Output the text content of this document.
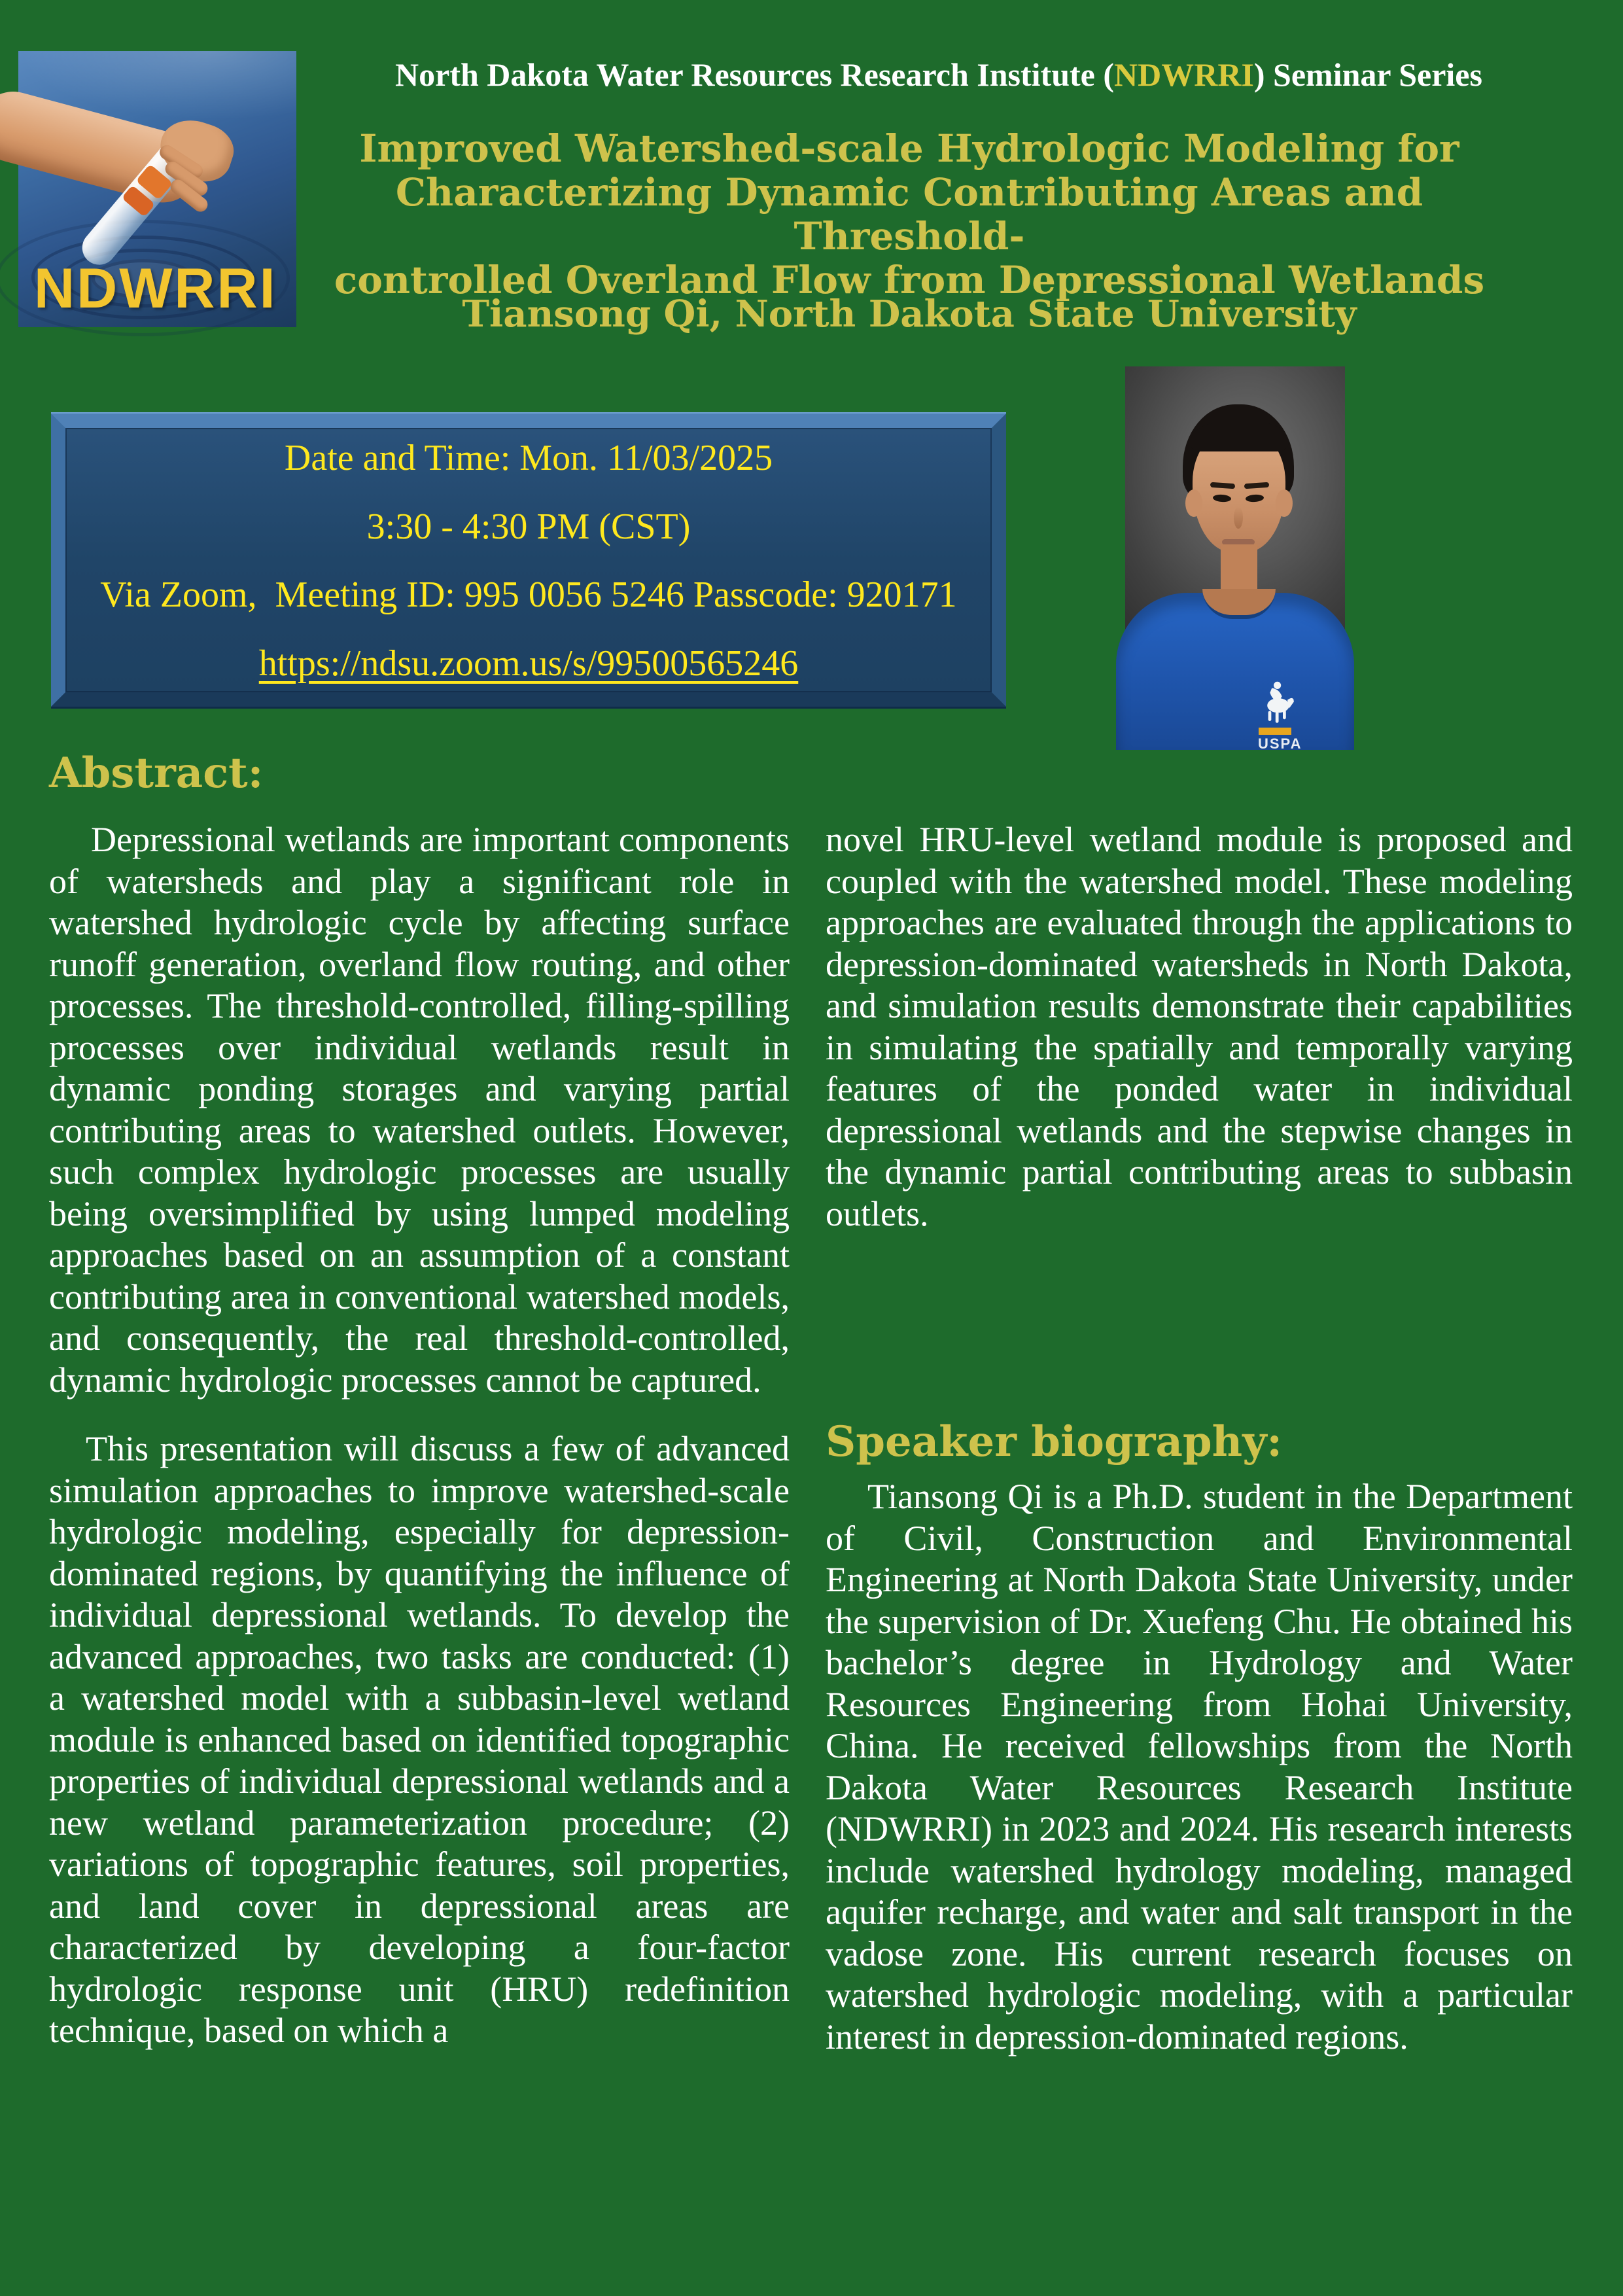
NDWRRI
North Dakota Water Resources Research Institute (NDWRRI) Seminar Series
Improved Watershed-scale Hydrologic Modeling for
Characterizing Dynamic Contributing Areas and Threshold-
controlled Overland Flow from Depressional Wetlands
Tiansong Qi, North Dakota State University
Date and Time: Mon. 11/03/2025
3:30 - 4:30 PM (CST)
Via Zoom,  Meeting ID: 995 0056 5246 Passcode: 920171
https://ndsu.zoom.us/s/99500565246
USPA
Abstract:

Depressional wetlands are important components of watersheds and play a significant role in watershed hydrologic cycle by affecting surface runoff generation, overland flow routing, and other processes. The threshold-controlled, filling-spilling processes over individual wetlands result in dynamic ponding storages and varying partial contributing areas to watershed outlets. However, such complex hydrologic processes are usually being oversimplified by using lumped modeling approaches based on an assumption of a constant contributing area in conventional watershed models, and consequently, the real threshold-controlled, dynamic hydrologic processes cannot be captured.

This presentation will discuss a few of advanced simulation approaches to improve watershed-scale hydrologic modeling, especially for depression-dominated regions, by quantifying the influence of individual depressional wetlands. To develop the advanced approaches, two tasks are conducted: (1) a watershed model with a subbasin-level wetland module is enhanced based on identified topographic properties of individual depressional wetlands and a new wetland parameterization procedure; (2) variations of topographic features, soil properties, and land cover in depressional areas are characterized by developing a four-factor hydrologic response unit (HRU) redefinition technique, based on which a

novel HRU-level wetland module is proposed and coupled with the watershed model. These modeling approaches are evaluated through the applications to depression-dominated watersheds in North Dakota, and simulation results demonstrate their capabilities in simulating the spatially and temporally varying features of the ponded water in individual depressional wetlands and the stepwise changes in the dynamic partial contributing areas to subbasin outlets.

Speaker biography:

Tiansong Qi is a Ph.D. student in the Department of Civil, Construction and Environmental Engineering at North Dakota State University, under the supervision of Dr. Xuefeng Chu. He obtained his bachelor’s degree in Hydrology and Water Resources Engineering from Hohai University, China. He received fellowships from the North Dakota Water Resources Research Institute (NDWRRI) in 2023 and 2024. His research interests include watershed hydrology modeling, managed aquifer recharge, and water and salt transport in the vadose zone. His current research focuses on watershed hydrologic modeling, with a particular interest in depression-dominated regions.
